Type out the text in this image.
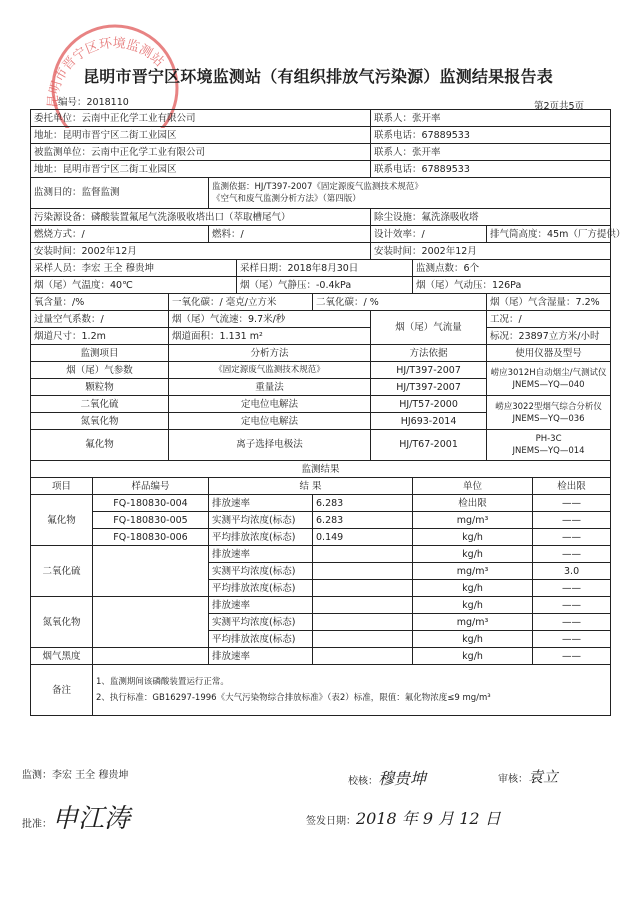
昆明市晋宁区环境监测站
昆明市晋宁区环境监测站（有组织排放气污染源）监测结果报告表
编号：2018110	第2页共5页
委托单位：云南中正化学工业有限公司						联系人：张开率			
地址：昆明市晋宁区二街工业园区						联系电话：67889533			
被监测单位：云南中正化学工业有限公司						联系人：张开率			
地址：昆明市晋宁区二街工业园区						联系电话：67889533			
监测目的：监督监测			监测依据：HJ/T397-2007《固定源废气监测技术规范》
《空气和废气监测分析方法》（第四版）						

污染源设备：磷酸装置氟尾气洗涤吸收塔出口（萃取槽尾气）						除尘设施：氟洗涤吸收塔			
燃烧方式：/			燃料：/			设计效率：/		排气筒高度：45m（厂方提供）	
安装时间：2002年12月						安装时间：2002年12月			
采样人员：李宏 王全 穆贵坤				采样日期：2018年8月30日			监测点数：6个		
烟（尾）气温度：40℃				烟（尾）气静压：-0.4kPa			烟（尾）气动压：126Pa		
氧含量：/%		一氧化碳：/ 毫克/立方米			二氧化碳：/ %			烟（尾）气含湿量：7.2%	
过量空气系数：/		烟（尾）气流速：9.7米/秒				烟（尾）气流量		工况：/	
烟道尺寸：1.2m		烟道面积：1.131 m²						标况：23897立方米/小时	
监测项目		分析方法				方法依据		使用仪器及型号	
烟（尾）气参数		《固定源废气监测技术规范》				HJ/T397-2007		崂应3012H自动烟尘/气测试仪
JNEMS—YQ—040	

颗粒物		重量法				HJ/T397-2007			
二氧化硫		定电位电解法				HJ/T57-2000		崂应3022型烟气综合分析仪
JNEMS—YQ—036	

氮氧化物		定电位电解法				HJ693-2014			
氟化物		离子选择电极法				HJ/T67-2001		PH-3C
JNEMS—YQ—014	

监测结果									
项目	样品编号		结 果				单位		检出限
氟化物	FQ-180830-004		排放速率		6.283		检出限		——
	FQ-180830-005		实测平均浓度(标态)		6.283		mg/m³		——
	FQ-180830-006		平均排放浓度(标态)		0.149		kg/h		——
二氧化硫			排放速率				kg/h		——
			实测平均浓度(标态)				mg/m³		3.0
			平均排放浓度(标态)				kg/h		——
氮氧化物			排放速率				kg/h		——
			实测平均浓度(标态)				mg/m³		——
			平均排放浓度(标态)				kg/h		——
烟气黑度			排放速率				kg/h		——
备注	1、监测期间该磷酸装置运行正常。
2、执行标准：GB16297-1996《大气污染物综合排放标准》（表2）标准，限值：氟化物浓度≤9 mg/m³								
监测：李宏 王全 穆贵坤
校核：穆贵坤	审核：袁立
批准：申江涛	签发日期：2018 年 9 月 12 日
